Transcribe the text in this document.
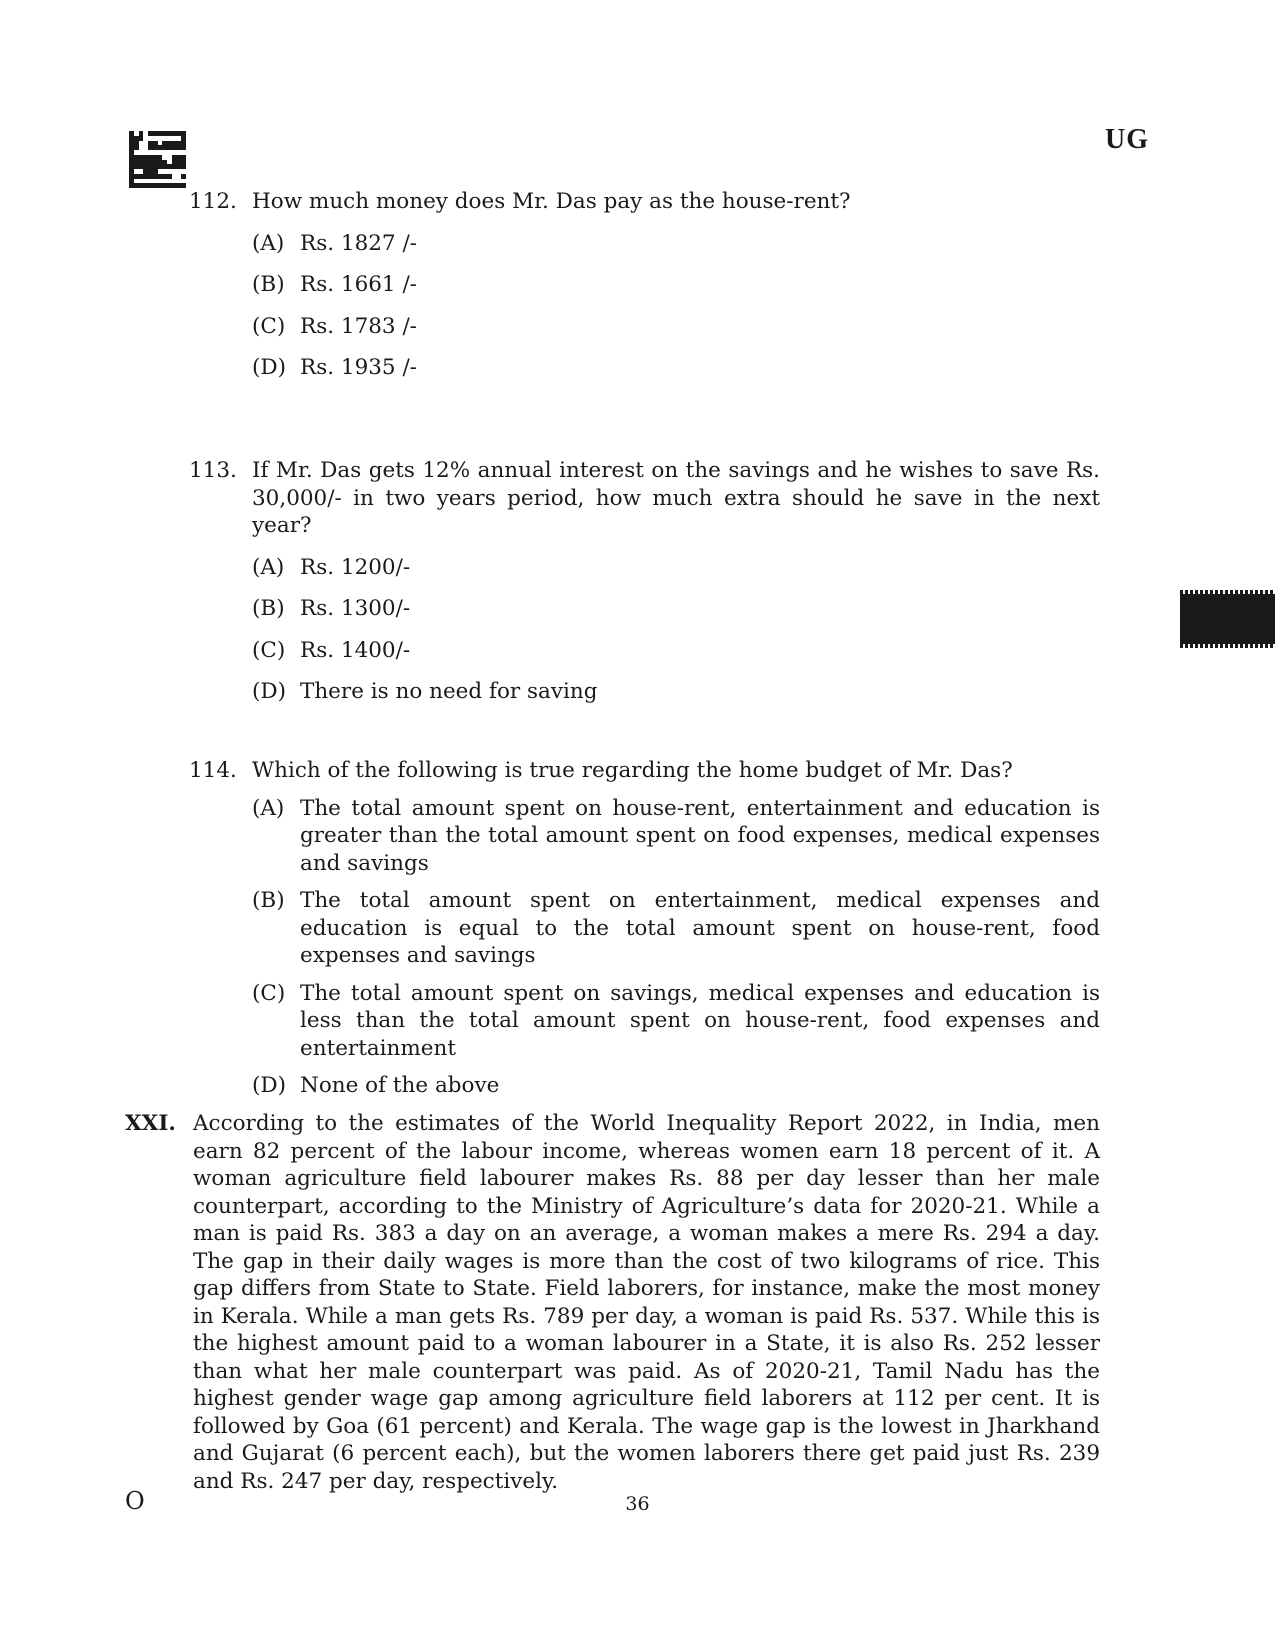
UG
112. How much money does Mr. Das pay as the house-rent?
(A) Rs. 1827 /-
(B) Rs. 1661 /-
(C) Rs. 1783 /-
(D) Rs. 1935 /-
113. If Mr. Das gets 12% annual interest on the savings and he wishes to save Rs. 30,000/- in two years period, how much extra should he save in the next year?
(A) Rs. 1200/-
(B) Rs. 1300/-
(C) Rs. 1400/-
(D) There is no need for saving
114. Which of the following is true regarding the home budget of Mr. Das?
(A) The total amount spent on house-rent, entertainment and education is greater than the total amount spent on food expenses, medical expenses and savings
(B) The total amount spent on entertainment, medical expenses and education is equal to the total amount spent on house-rent, food expenses and savings
(C) The total amount spent on savings, medical expenses and education is less than the total amount spent on house-rent, food expenses and entertainment
(D) None of the above
XXI. According to the estimates of the World Inequality Report 2022, in India, men earn 82 percent of the labour income, whereas women earn 18 percent of it. A woman agriculture field labourer makes Rs. 88 per day lesser than her male counterpart, according to the Ministry of Agriculture’s data for 2020-21. While a man is paid Rs. 383 a day on an average, a woman makes a mere Rs. 294 a day. The gap in their daily wages is more than the cost of two kilograms of rice. This gap differs from State to State. Field laborers, for instance, make the most money in Kerala. While a man gets Rs. 789 per day, a woman is paid Rs. 537. While this is the highest amount paid to a woman labourer in a State, it is also Rs. 252 lesser than what her male counterpart was paid. As of 2020-21, Tamil Nadu has the highest gender wage gap among agriculture field laborers at 112 per cent. It is followed by Goa (61 percent) and Kerala. The wage gap is the lowest in Jharkhand and Gujarat (6 percent each), but the women laborers there get paid just Rs. 239 and Rs. 247 per day, respectively.
O	36
